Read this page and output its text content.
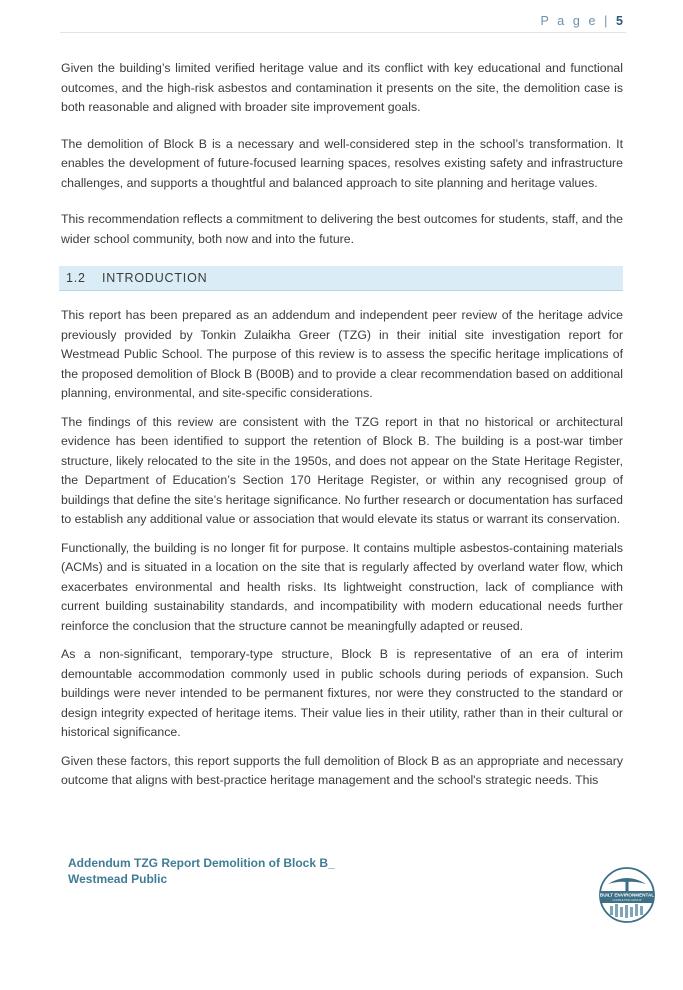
P a g e | 5

Given the building’s limited verified heritage value and its conflict with key educational and functional outcomes, and the high-risk asbestos and contamination it presents on the site, the demolition case is both reasonable and aligned with broader site improvement goals.

The demolition of Block B is a necessary and well-considered step in the school’s transformation. It enables the development of future-focused learning spaces, resolves existing safety and infrastructure challenges, and supports a thoughtful and balanced approach to site planning and heritage values.

This recommendation reflects a commitment to delivering the best outcomes for students, staff, and the wider school community, both now and into the future.

1.2 INTRODUCTION

This report has been prepared as an addendum and independent peer review of the heritage advice previously provided by Tonkin Zulaikha Greer (TZG) in their initial site investigation report for Westmead Public School. The purpose of this review is to assess the specific heritage implications of the proposed demolition of Block B (B00B) and to provide a clear recommendation based on additional planning, environmental, and site-specific considerations.

The findings of this review are consistent with the TZG report in that no historical or architectural evidence has been identified to support the retention of Block B. The building is a post-war timber structure, likely relocated to the site in the 1950s, and does not appear on the State Heritage Register, the Department of Education’s Section 170 Heritage Register, or within any recognised group of buildings that define the site’s heritage significance. No further research or documentation has surfaced to establish any additional value or association that would elevate its status or warrant its conservation.

Functionally, the building is no longer fit for purpose. It contains multiple asbestos-containing materials (ACMs) and is situated in a location on the site that is regularly affected by overland water flow, which exacerbates environmental and health risks. Its lightweight construction, lack of compliance with current building sustainability standards, and incompatibility with modern educational needs further reinforce the conclusion that the structure cannot be meaningfully adapted or reused.

As a non-significant, temporary-type structure, Block B is representative of an era of interim demountable accommodation commonly used in public schools during periods of expansion. Such buildings were never intended to be permanent fixtures, nor were they constructed to the standard or design integrity expected of heritage items. Their value lies in their utility, rather than in their cultural or historical significance.

Given these factors, this report supports the full demolition of Block B as an appropriate and necessary outcome that aligns with best-practice heritage management and the school's strategic needs. This

Addendum TZG Report Demolition of Block B_
Westmead Public
BUILT ENVIRONMENTAL
CONSULTING GROUP
